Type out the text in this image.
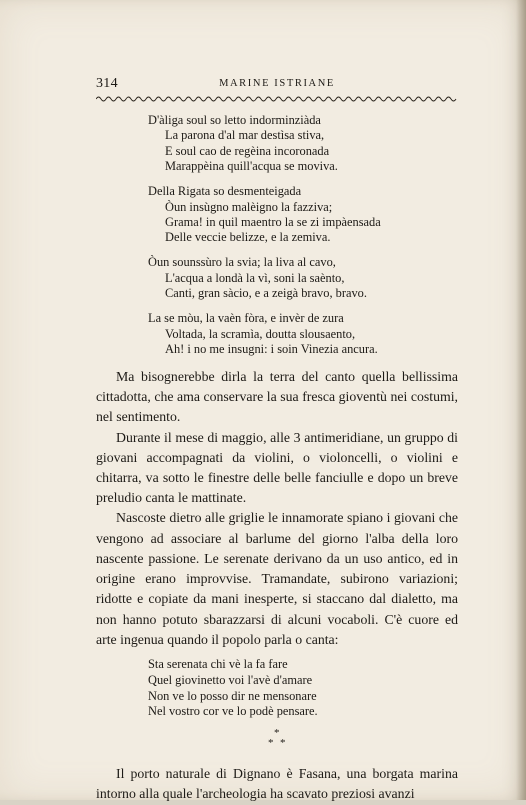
314	MARINE ISTRIANE
D'àliga soul so letto indorminziàda
La parona d'al mar destìsa stiva,
E soul cao de regèina incoronada
Marappèina quill'acqua se moviva.
Della Rigata so desmenteigada
Òun insùgno malèigno la fazziva;
Grama! in quil maentro la se zi impàensada
Delle veccie belizze, e la zemiva.
Òun sounssùro la svia; la liva al cavo,
L'acqua a londà la vì, soni la saènto,
Canti, gran sàcio, e a zeigà bravo, bravo.
La se mòu, la vaèn fòra, e invèr de zura
Voltada, la scramìa, doutta slousaento,
Ah! i no me insugni: i soin Vinezia ancura.

Ma bisognerebbe dirla la terra del canto quella bellissima cittadotta, che ama conservare la sua fresca gioventù nei costumi, nel sentimento.

Durante il mese di maggio, alle 3 antimeridiane, un gruppo di giovani accompagnati da violini, o violoncelli, o violini e chitarra, va sotto le finestre delle belle fanciulle e dopo un breve preludio canta le mattinate.

Nascoste dietro alle griglie le innamorate spiano i giovani che vengono ad associare al barlume del giorno l'alba della loro nascente passione. Le serenate derivano da un uso antico, ed in origine erano improvvise. Tramandate, subirono variazioni; ridotte e copiate da mani inesperte, si staccano dal dialetto, ma non hanno potuto sbarazzarsi di alcuni vocaboli. C'è cuore ed arte ingenua quando il popolo parla o canta:

Sta serenata chi vè la fa fare
Quel giovinetto voi l'avè d'amare
Non ve lo posso dir ne mensonare
Nel vostro cor ve lo podè pensare.
*
* *

Il porto naturale di Dignano è Fasana, una borgata marina intorno alla quale l'archeologia ha scavato preziosi avanzi
